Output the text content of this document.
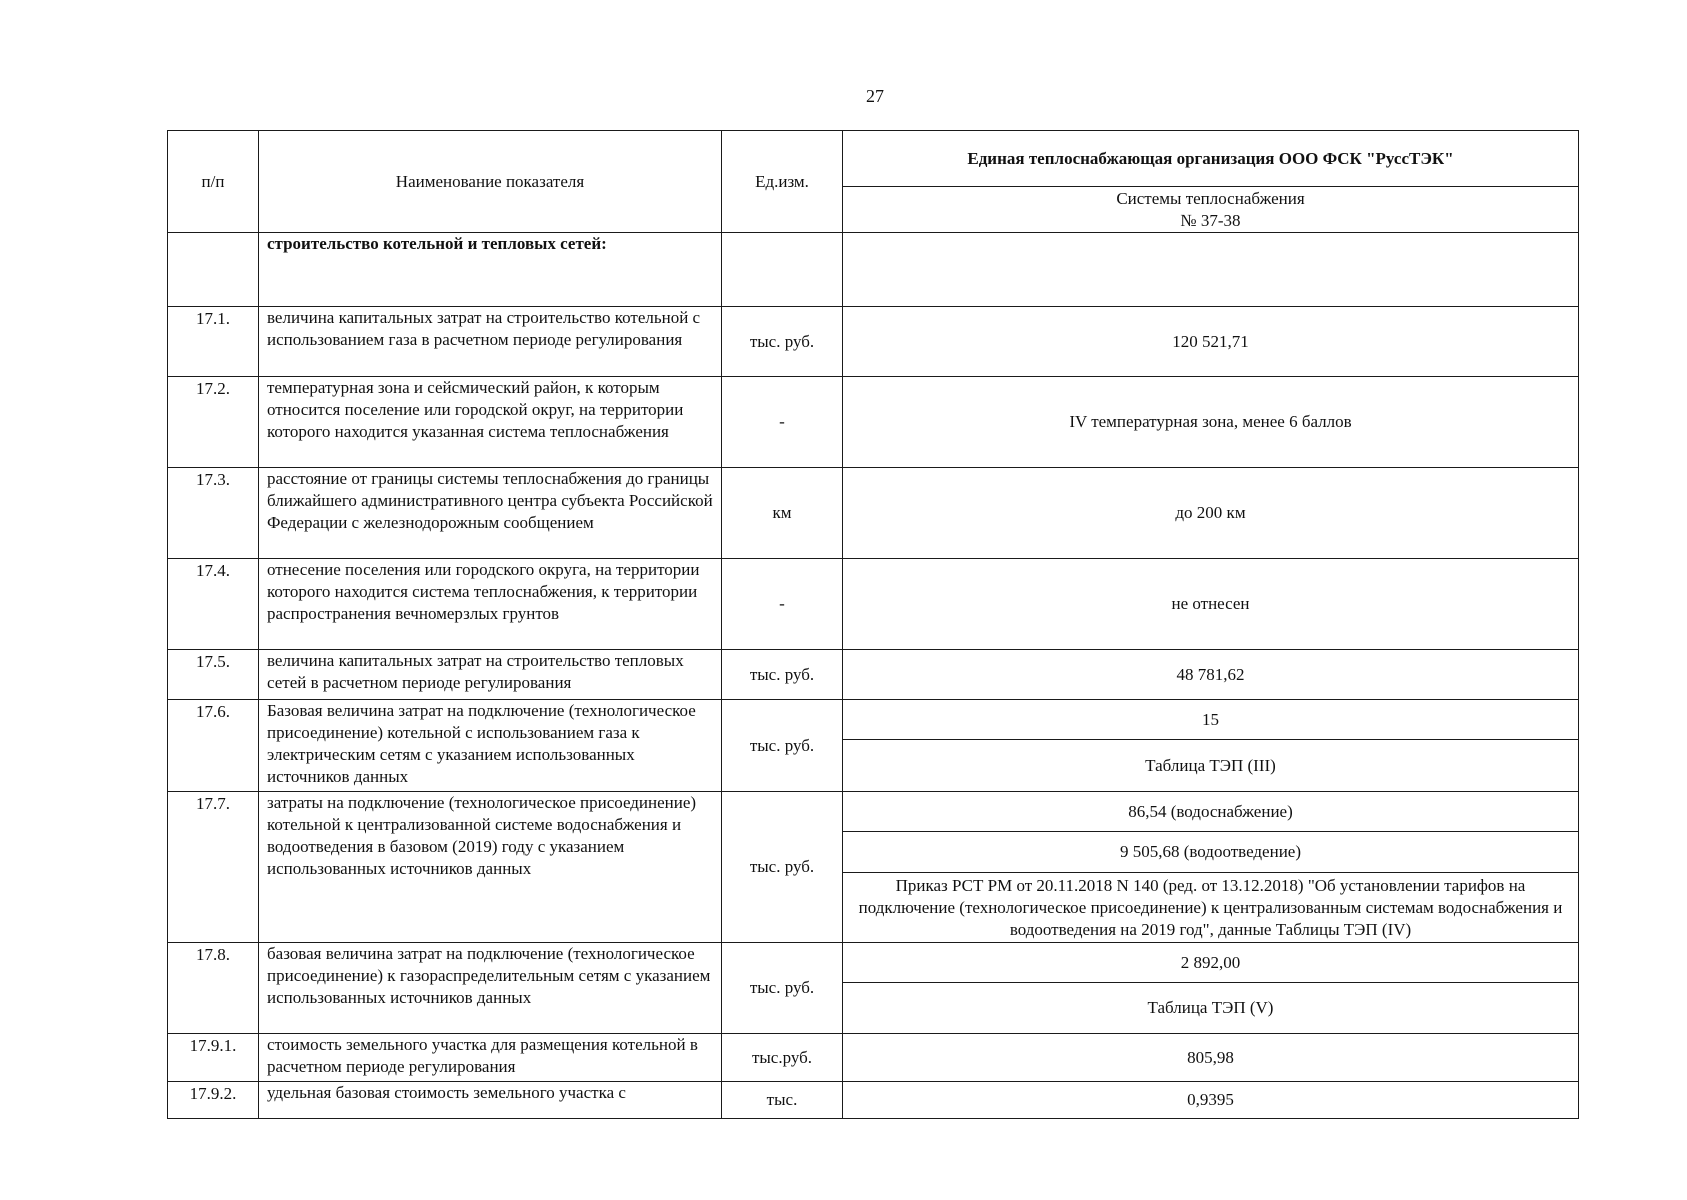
27
п/п	Наименование показателя	Ед.изм.	Единая теплоснабжающая организация ООО ФСК "РуссТЭК"

			Системы теплоснабжения
№ 37-38

	строительство котельной и тепловых сетей:		
17.1.	величина капитальных затрат на строительство котельной с использованием газа в расчетном периоде регулирования	тыс. руб.	120 521,71
17.2.	температурная зона и сейсмический район, к которым относится поселение или городской округ, на территории которого находится указанная система теплоснабжения	-	IV температурная зона, менее 6 баллов
17.3.	расстояние от границы системы теплоснабжения до границы ближайшего административного центра субъекта Российской Федерации с железнодорожным сообщением	км	до 200 км
17.4.	отнесение поселения или городского округа, на территории которого находится система теплоснабжения, к территории распространения вечномерзлых грунтов	-	не отнесен
17.5.	величина капитальных затрат на строительство тепловых сетей в расчетном периоде регулирования	тыс. руб.	48 781,62
17.6.	Базовая величина затрат на подключение (технологическое присоединение) котельной с использованием газа к электрическим сетям с указанием использованных источников данных	тыс. руб.	15
			Таблица ТЭП (III)
17.7.	затраты на подключение (технологическое присоединение) котельной к централизованной системе водоснабжения и водоотведения в базовом (2019) году с указанием использованных источников данных	тыс. руб.	86,54 (водоснабжение)
			9 505,68 (водоотведение)
			Приказ РСТ РМ от 20.11.2018 N 140 (ред. от 13.12.2018) "Об установлении тарифов на подключение (технологическое присоединение) к централизованным системам водоснабжения и водоотведения на 2019 год", данные Таблицы ТЭП (IV)
17.8.	базовая величина затрат на подключение (технологическое присоединение) к газораспределительным сетям с указанием использованных источников данных	тыс. руб.	2 892,00
			Таблица ТЭП (V)
17.9.1.	стоимость земельного участка для размещения котельной в расчетном периоде регулирования	тыс.руб.	805,98
17.9.2.	удельная базовая стоимость земельного участка с	тыс.	0,9395
